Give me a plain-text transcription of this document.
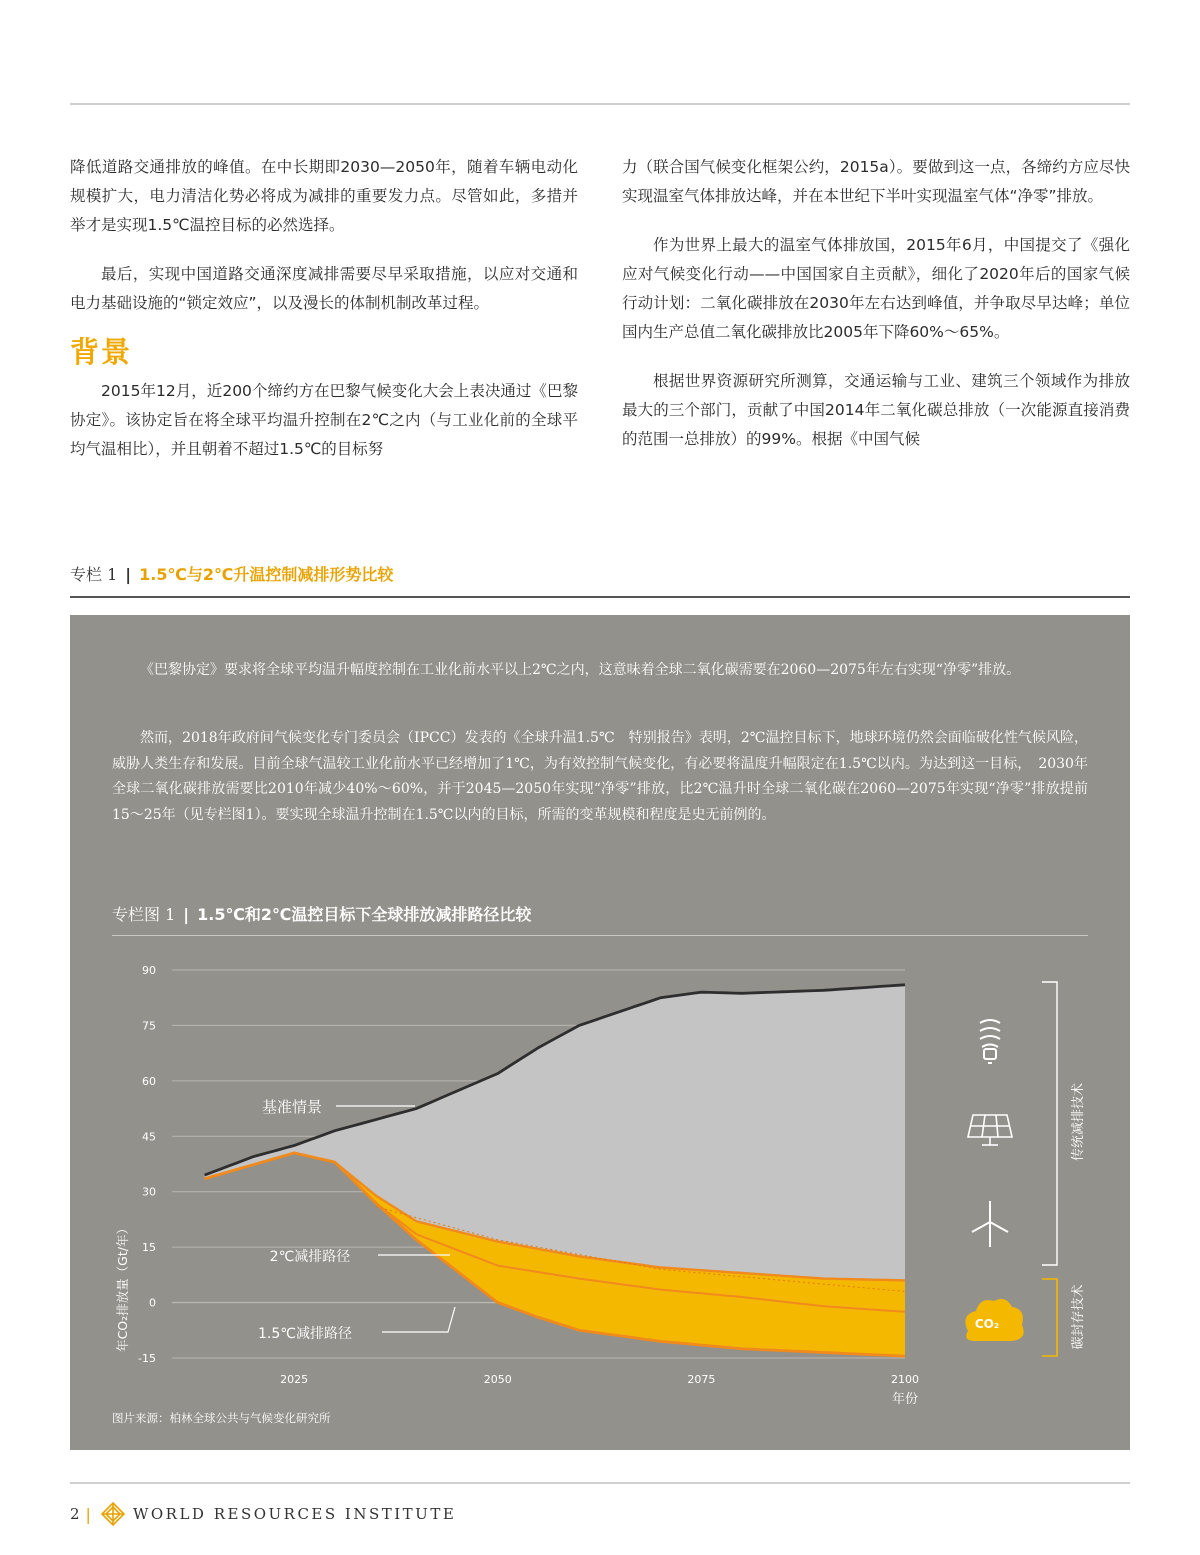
降低道路交通排放的峰值。在中长期即2030—2050年，随着车辆电动化规模扩大，电力清洁化势必将成为减排的重要发力点。尽管如此，多措并举才是实现1.5℃温控目标的必然选择。

最后，实现中国道路交通深度减排需要尽早采取措施，以应对交通和电力基础设施的“锁定效应”，以及漫长的体制机制改革过程。

背景

2015年12月，近200个缔约方在巴黎气候变化大会上表决通过《巴黎协定》。该协定旨在将全球平均温升控制在2℃之内（与工业化前的全球平均气温相比），并且朝着不超过1.5℃的目标努

力（联合国气候变化框架公约，2015a）。要做到这一点，各缔约方应尽快实现温室气体排放达峰，并在本世纪下半叶实现温室气体“净零”排放。

作为世界上最大的温室气体排放国，2015年6月，中国提交了《强化应对气候变化行动——中国国家自主贡献》，细化了2020年后的国家气候行动计划：二氧化碳排放在2030年左右达到峰值，并争取尽早达峰；单位国内生产总值二氧化碳排放比2005年下降60%～65%。

根据世界资源研究所测算，交通运输与工业、建筑三个领域作为排放最大的三个部门，贡献了中国2014年二氧化碳总排放（一次能源直接消费的范围一总排放）的99%。根据《中国气候

专栏 1 | 1.5℃与2℃升温控制减排形势比较

《巴黎协定》要求将全球平均温升幅度控制在工业化前水平以上2℃之内，这意味着全球二氧化碳需要在2060—2075年左右实现“净零”排放。

然而，2018年政府间气候变化专门委员会（IPCC）发表的《全球升温1.5℃　特别报告》表明，2℃温控目标下，地球环境仍然会面临破化性气候风险，威胁人类生存和发展。目前全球气温较工业化前水平已经增加了1℃，为有效控制气候变化，有必要将温度升幅限定在1.5℃以内。为达到这一目标，　2030年全球二氧化碳排放需要比2010年减少40%～60%，并于2045—2050年实现“净零”排放，比2℃温升时全球二氧化碳在2060—2075年实现“净零”排放提前15～25年（见专栏图1）。要实现全球温升控制在1.5℃以内的目标，所需的变革规模和程度是史无前例的。

专栏图 1 | 1.5℃和2℃温控目标下全球排放减排路径比较
90
75
60
45
30
15
0
-15
2025	2050	2075	2100
年CO₂排放量（Gt/年）
年份
基准情景
2℃减排路径
1.5℃减排路径
CO₂
传统减排技术
碳封存技术
图片来源：柏林全球公共与气候变化研究所
2 |	WORLD RESOURCES INSTITUTE
